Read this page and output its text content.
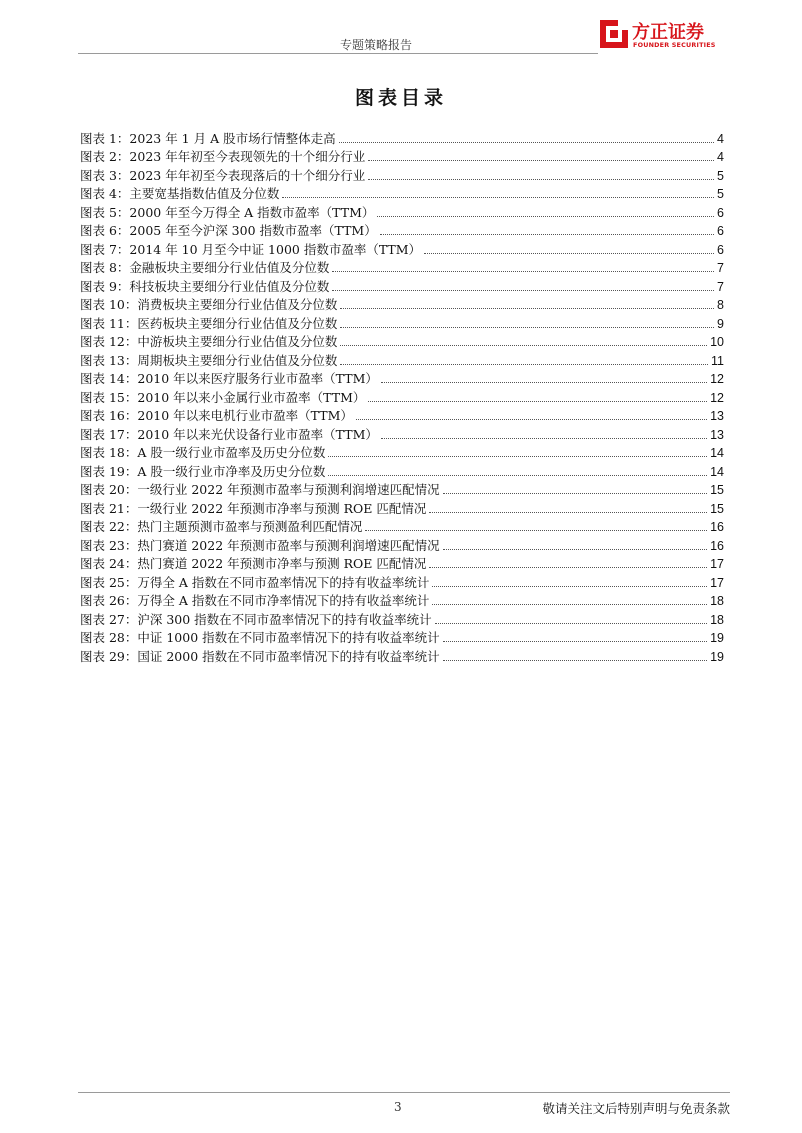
专题策略报告
方正证券
FOUNDER SECURITIES
图表目录
图表 1：2023 年 1 月 A 股市场行情整体走高	4
图表 2：2023 年年初至今表现领先的十个细分行业	4
图表 3：2023 年年初至今表现落后的十个细分行业	5
图表 4：主要宽基指数估值及分位数	5
图表 5：2000 年至今万得全 A 指数市盈率（TTM）	6
图表 6：2005 年至今沪深 300 指数市盈率（TTM）	6
图表 7：2014 年 10 月至今中证 1000 指数市盈率（TTM）	6
图表 8：金融板块主要细分行业估值及分位数	7
图表 9：科技板块主要细分行业估值及分位数	7
图表 10：消费板块主要细分行业估值及分位数	8
图表 11：医药板块主要细分行业估值及分位数	9
图表 12：中游板块主要细分行业估值及分位数	10
图表 13：周期板块主要细分行业估值及分位数	11
图表 14：2010 年以来医疗服务行业市盈率（TTM）	12
图表 15：2010 年以来小金属行业市盈率（TTM）	12
图表 16：2010 年以来电机行业市盈率（TTM）	13
图表 17：2010 年以来光伏设备行业市盈率（TTM）	13
图表 18：A 股一级行业市盈率及历史分位数	14
图表 19：A 股一级行业市净率及历史分位数	14
图表 20：一级行业 2022 年预测市盈率与预测利润增速匹配情况	15
图表 21：一级行业 2022 年预测市净率与预测 ROE 匹配情况	15
图表 22：热门主题预测市盈率与预测盈利匹配情况	16
图表 23：热门赛道 2022 年预测市盈率与预测利润增速匹配情况	16
图表 24：热门赛道 2022 年预测市净率与预测 ROE 匹配情况	17
图表 25：万得全 A 指数在不同市盈率情况下的持有收益率统计	17
图表 26：万得全 A 指数在不同市净率情况下的持有收益率统计	18
图表 27：沪深 300 指数在不同市盈率情况下的持有收益率统计	18
图表 28：中证 1000 指数在不同市盈率情况下的持有收益率统计	19
图表 29：国证 2000 指数在不同市盈率情况下的持有收益率统计	19
3	敬请关注文后特别声明与免责条款
